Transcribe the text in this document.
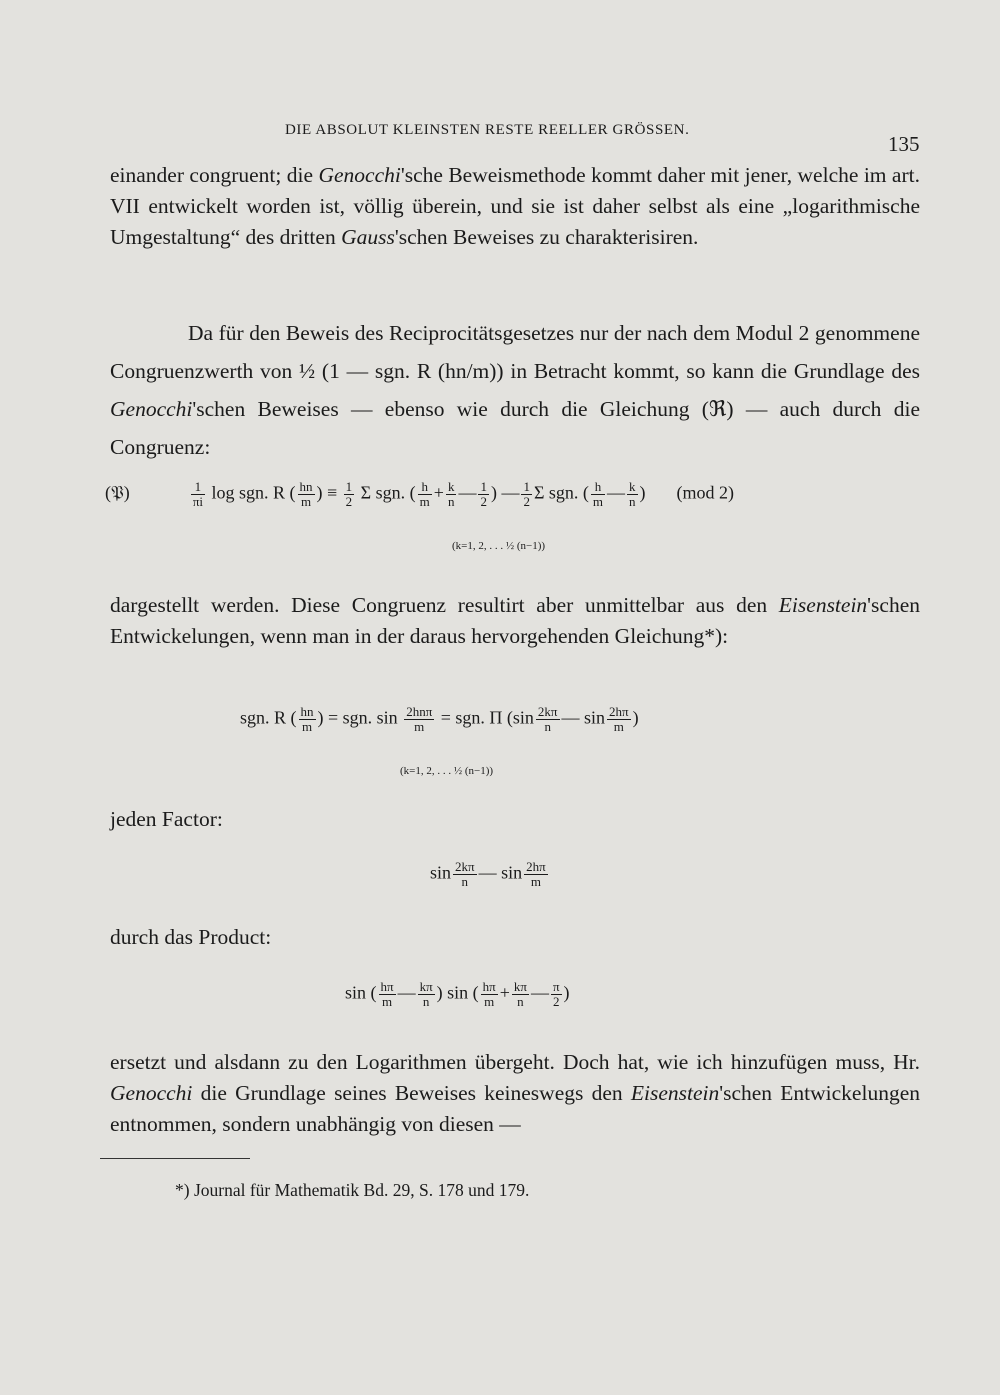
DIE ABSOLUT KLEINSTEN RESTE REELLER GRÖSSEN.
135

einander congruent; die Genocchi'sche Beweismethode kommt daher mit jener, welche im art. VII entwickelt worden ist, völlig überein, und sie ist daher selbst als eine „logarithmische Umgestaltung“ des dritten Gauss'schen Beweises zu charakterisiren.

Da für den Beweis des Reciprocitätsgesetzes nur der nach dem Modul 2 genommene Congruenzwerth von ½ (1 — sgn. R (hn/m)) in Betracht kommt, so kann die Grundlage des Genocchi'schen Beweises — ebenso wie durch die Gleichung (ℜ) — auch durch die Congruenz:

(𝔓)	$\frac{1}{\pi i}$ log sgn. R ( $\frac{hn}{m}$ ) ≡ $\frac{1}{2}$ Σ sgn. ( $\frac{h}{m} + \frac{k}{n}$ — $\frac{1}{2}$ ) — $\frac{1}{2}$ Σ sgn. ( $\frac{h}{m}$ — $\frac{k}{n}$ ) (mod 2)
(k=1, 2, . . . ½ (n−1))

dargestellt werden. Diese Congruenz resultirt aber unmittelbar aus den Eisenstein'schen Entwickelungen, wenn man in der daraus hervorgehenden Gleichung*):

sgn. R ( $\frac{hn}{m}$ ) = sgn. $\sin \frac{\text{2hnπ}}{m}$ = sgn. Π ($\sin \frac{2k\pi}{n}$ — $\sin \frac{2h\pi}{m}$ )
(k=1, 2, . . . ½ (n−1))

jeden Factor:

$\sin \frac{2k\pi}{n}$ — $\sin \frac{2h\pi}{m}$

durch das Product:

sin ( $\frac{h\pi}{m}$ — $\frac{k\pi}{n}$ ) sin ( $\frac{h\pi}{m} + \frac{k\pi}{n}$ — $\frac{\pi}{2}$ )

ersetzt und alsdann zu den Logarithmen übergeht. Doch hat, wie ich hinzufügen muss, Hr. Genocchi die Grundlage seines Beweises keineswegs den Eisenstein'schen Entwickelungen entnommen, sondern unabhängig von diesen —

*) Journal für Mathematik Bd. 29, S. 178 und 179.
